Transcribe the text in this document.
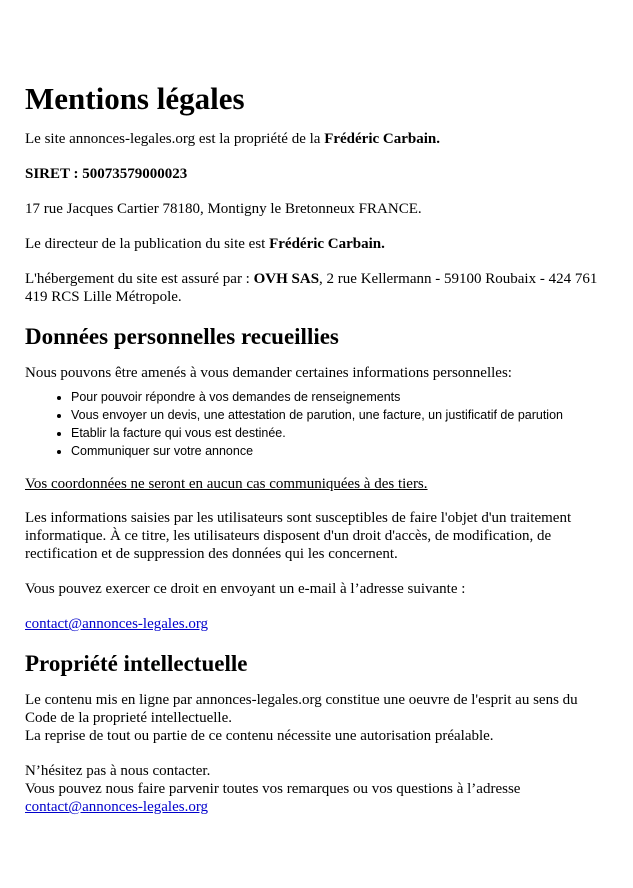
Mentions légales

Le site annonces-legales.org est la propriété de la Frédéric Carbain.

SIRET : 50073579000023

17 rue Jacques Cartier 78180, Montigny le Bretonneux FRANCE.

Le directeur de la publication du site est Frédéric Carbain.

L'hébergement du site est assuré par : OVH SAS, 2 rue Kellermann - 59100 Roubaix - 424 761 419 RCS Lille Métropole.

Données personnelles recueillies

Nous pouvons être amenés à vous demander certaines informations personnelles:

• Pour pouvoir répondre à vos demandes de renseignements
• Vous envoyer un devis, une attestation de parution, une facture, un justificatif de parution
• Etablir la facture qui vous est destinée.
• Communiquer sur votre annonce

Vos coordonnées ne seront en aucun cas communiquées à des tiers.

Les informations saisies par les utilisateurs sont susceptibles de faire l'objet d'un traitement informatique. À ce titre, les utilisateurs disposent d'un droit d'accès, de modification, de rectification et de suppression des données qui les concernent.

Vous pouvez exercer ce droit en envoyant un e-mail à l’adresse suivante :

contact@annonces-legales.org

Propriété intellectuelle

Le contenu mis en ligne par annonces-legales.org constitue une oeuvre de l'esprit au sens du Code de la proprieté intellectuelle.
La reprise de tout ou partie de ce contenu nécessite une autorisation préalable.

N’hésitez pas à nous contacter.
Vous pouvez nous faire parvenir toutes vos remarques ou vos questions à l’adresse
contact@annonces-legales.org
